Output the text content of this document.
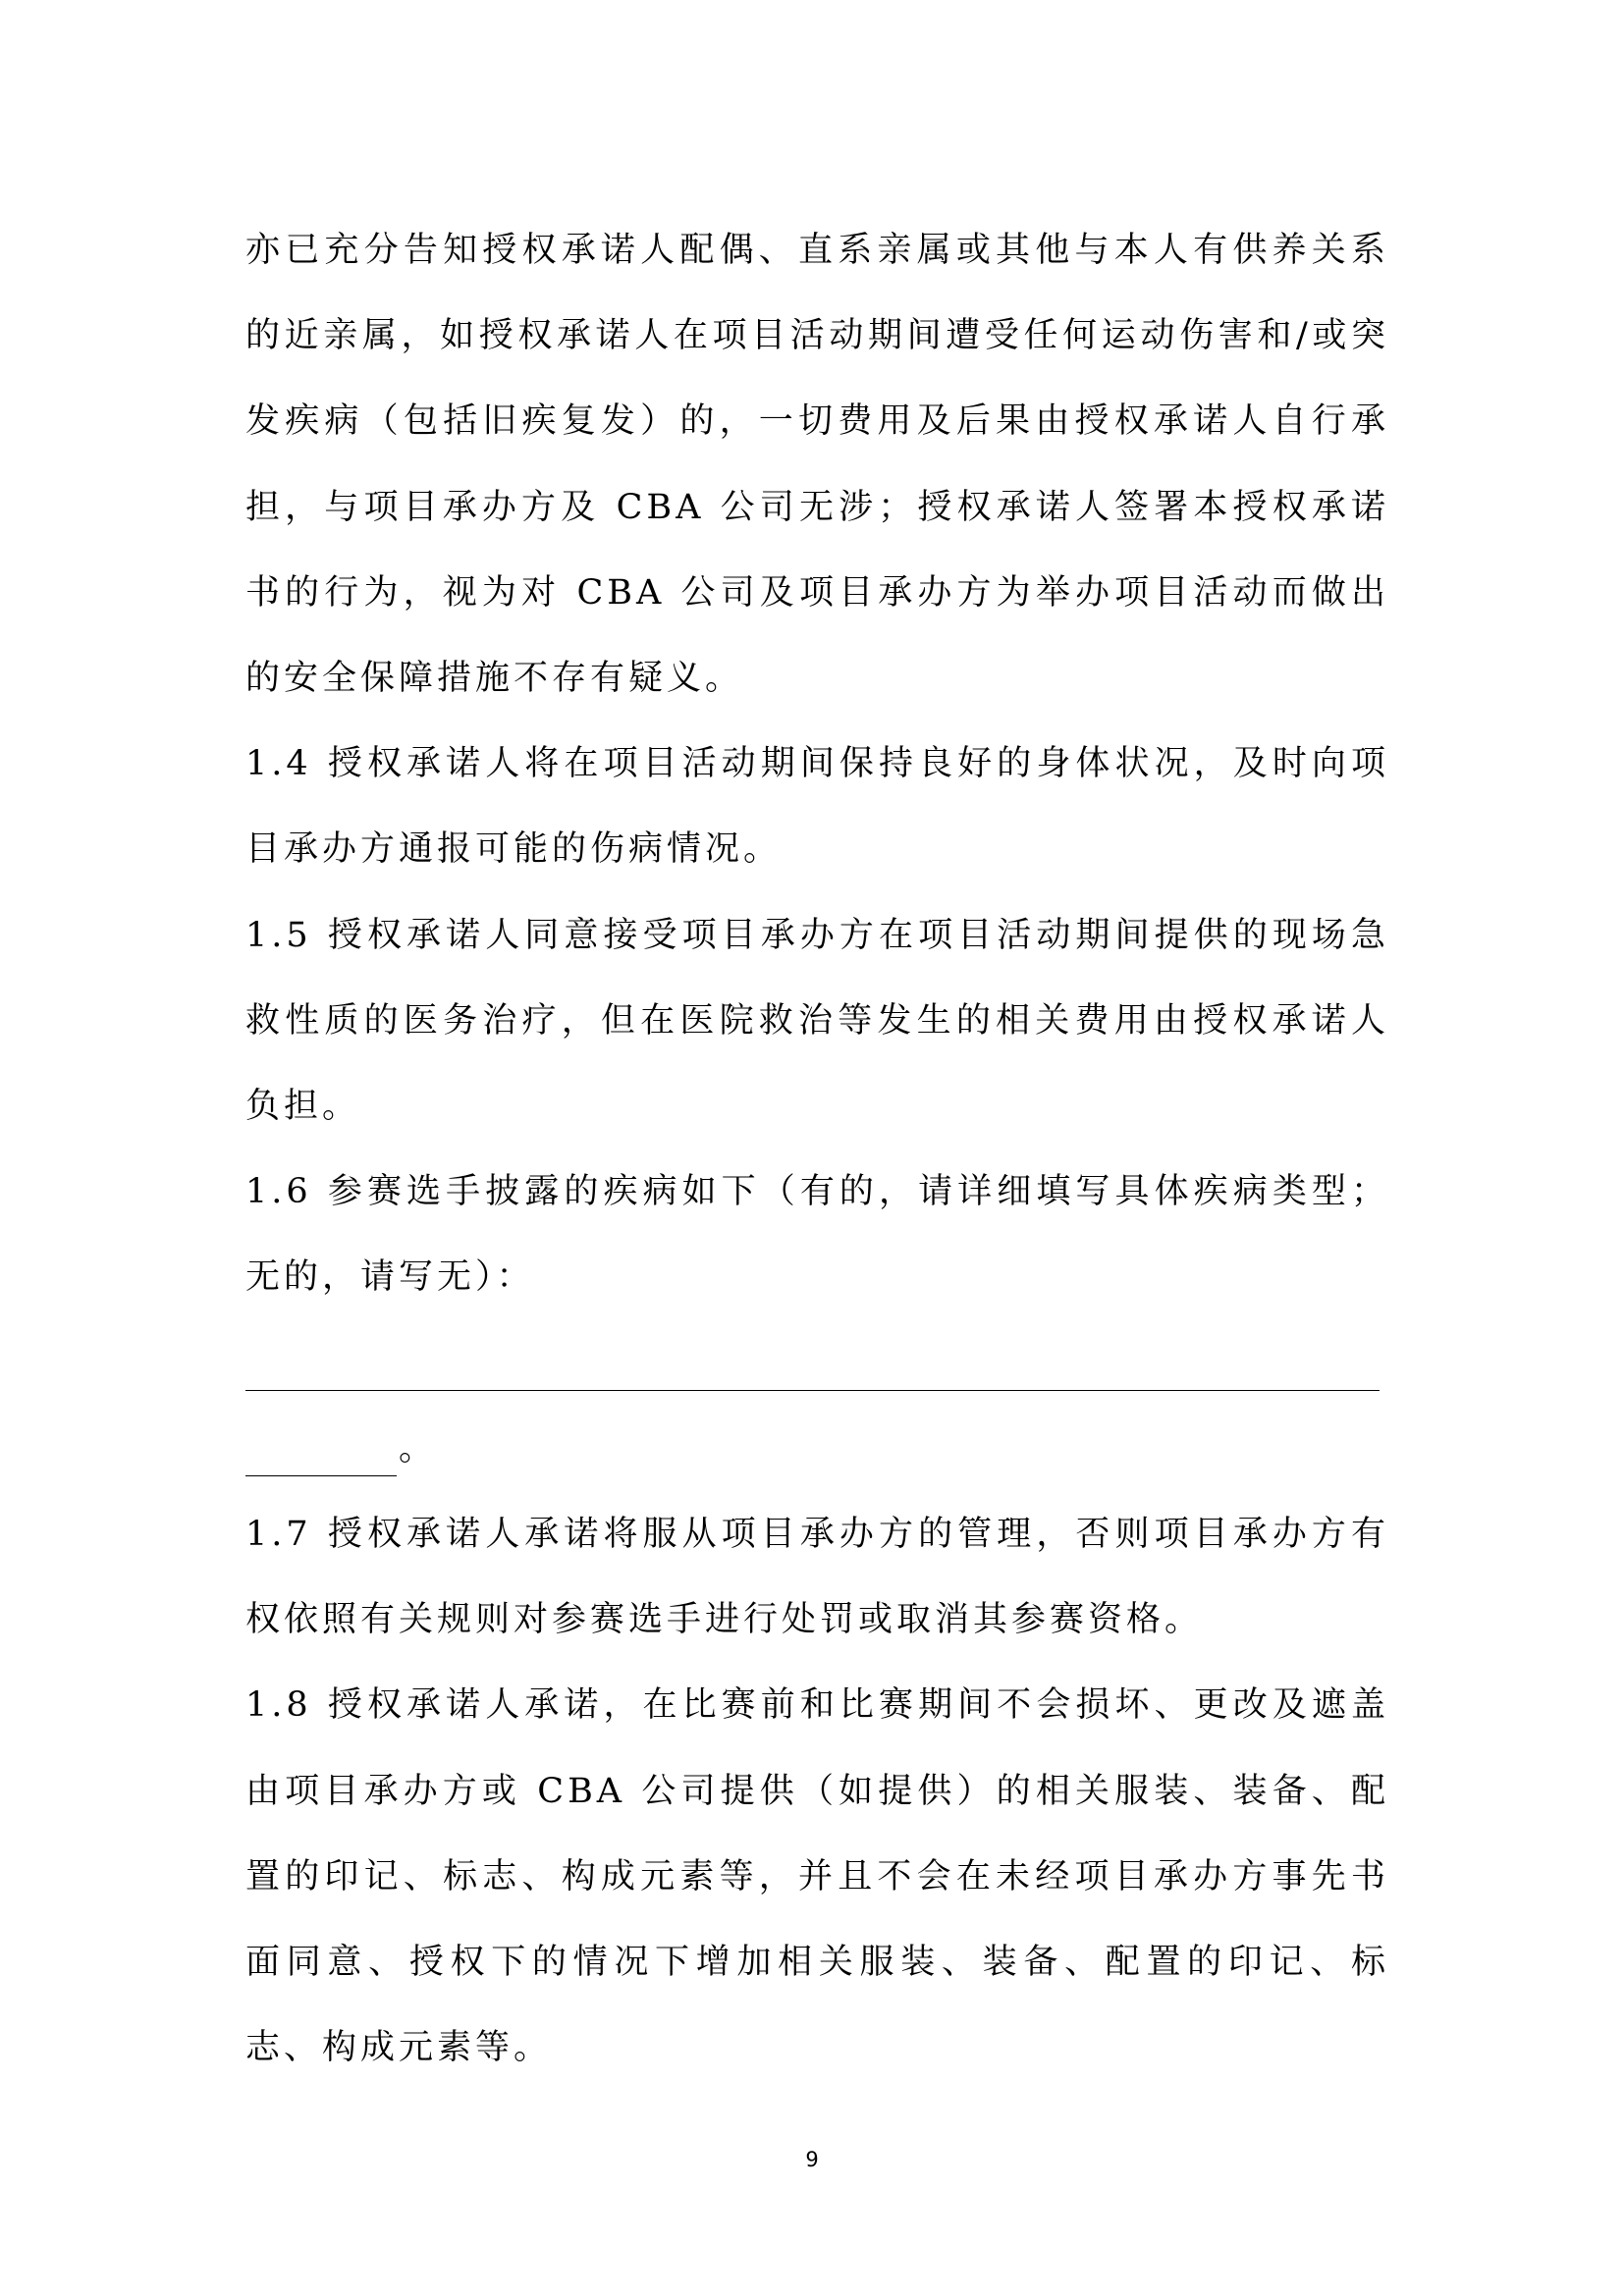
亦已充分告知授权承诺人配偶、直系亲属或其他与本人有供养关系的近亲属，如授权承诺人在项目活动期间遭受任何运动伤害和/或突发疾病（包括旧疾复发）的，一切费用及后果由授权承诺人自行承担，与项目承办方及 CBA 公司无涉；授权承诺人签署本授权承诺书的行为，视为对 CBA 公司及项目承办方为举办项目活动而做出的安全保障措施不存有疑义。

1.4 授权承诺人将在项目活动期间保持良好的身体状况，及时向项目承办方通报可能的伤病情况。

1.5 授权承诺人同意接受项目承办方在项目活动期间提供的现场急救性质的医务治疗，但在医院救治等发生的相关费用由授权承诺人负担。

1.6 参赛选手披露的疾病如下（有的，请详细填写具体疾病类型；无的，请写无）：

。

1.7 授权承诺人承诺将服从项目承办方的管理，否则项目承办方有权依照有关规则对参赛选手进行处罚或取消其参赛资格。

1.8 授权承诺人承诺，在比赛前和比赛期间不会损坏、更改及遮盖由项目承办方或 CBA 公司提供（如提供）的相关服装、装备、配置的印记、标志、构成元素等，并且不会在未经项目承办方事先书面同意、授权下的情况下增加相关服装、装备、配置的印记、标志、构成元素等。

9
